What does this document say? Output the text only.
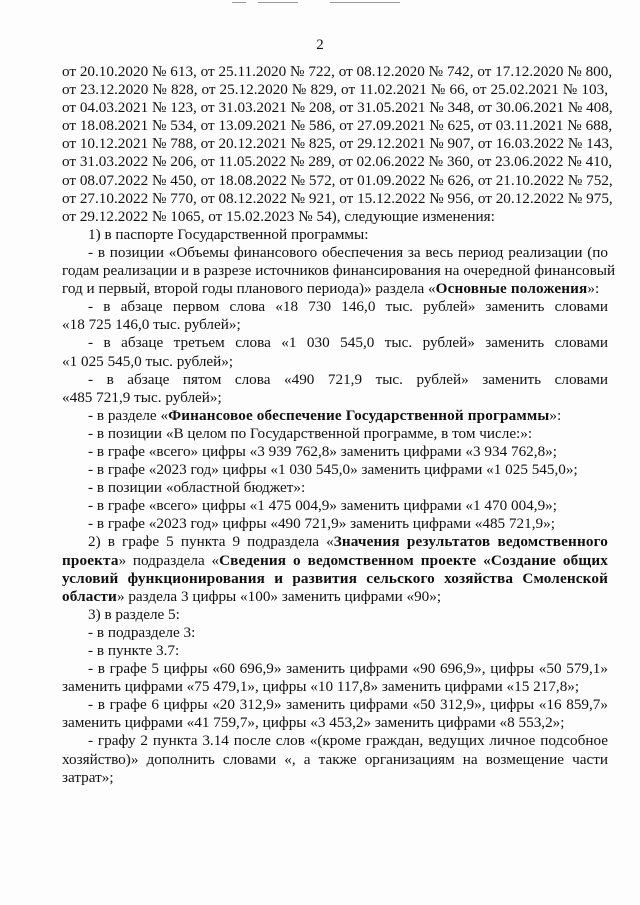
2
от 20.10.2020 № 613, от 25.11.2020 № 722, от 08.12.2020 № 742, от 17.12.2020 № 800,
от 23.12.2020 № 828, от 25.12.2020 № 829, от 11.02.2021 № 66, от 25.02.2021 № 103,
от 04.03.2021 № 123, от 31.03.2021 № 208, от 31.05.2021 № 348, от 30.06.2021 № 408,
от 18.08.2021 № 534, от 13.09.2021 № 586, от 27.09.2021 № 625, от 03.11.2021 № 688,
от 10.12.2021 № 788, от 20.12.2021 № 825, от 29.12.2021 № 907, от 16.03.2022 № 143,
от 31.03.2022 № 206, от 11.05.2022 № 289, от 02.06.2022 № 360, от 23.06.2022 № 410,
от 08.07.2022 № 450, от 18.08.2022 № 572, от 01.09.2022 № 626, от 21.10.2022 № 752,
от 27.10.2022 № 770, от 08.12.2022 № 921, от 15.12.2022 № 956, от 20.12.2022 № 975,
от 29.12.2022 № 1065, от 15.02.2023 № 54), следующие изменения:
1) в паспорте Государственной программы:
- в позиции «Объемы финансового обеспечения за весь период реализации (по
годам реализации и в разрезе источников финансирования на очередной финансовый
год и первый, второй годы планового периода)» раздела «Основные положения»:
- в абзаце первом слова «18 730 146,0 тыс. рублей» заменить словами
«18 725 146,0 тыс. рублей»;
- в абзаце третьем слова «1 030 545,0 тыс. рублей» заменить словами
«1 025 545,0 тыс. рублей»;
- в абзаце пятом слова «490 721,9 тыс. рублей» заменить словами
«485 721,9 тыс. рублей»;
- в разделе «Финансовое обеспечение Государственной программы»:
- в позиции «В целом по Государственной программе, в том числе:»:
- в графе «всего» цифры «3 939 762,8» заменить цифрами «3 934 762,8»;
- в графе «2023 год» цифры «1 030 545,0» заменить цифрами «1 025 545,0»;
- в позиции «областной бюджет»:
- в графе «всего» цифры «1 475 004,9» заменить цифрами «1 470 004,9»;
- в графе «2023 год» цифры «490 721,9» заменить цифрами «485 721,9»;
2) в графе 5 пункта 9 подраздела «Значения результатов ведомственного
проекта» подраздела «Сведения о ведомственном проекте «Создание общих
условий функционирования и развития сельского хозяйства Смоленской
области» раздела 3 цифры «100» заменить цифрами «90»;
3) в разделе 5:
- в подразделе 3:
- в пункте 3.7:
- в графе 5 цифры «60 696,9» заменить цифрами «90 696,9», цифры «50 579,1»
заменить цифрами «75 479,1», цифры «10 117,8» заменить цифрами «15 217,8»;
- в графе 6 цифры «20 312,9» заменить цифрами «50 312,9», цифры «16 859,7»
заменить цифрами «41 759,7», цифры «3 453,2» заменить цифрами «8 553,2»;
- графу 2 пункта 3.14 после слов «(кроме граждан, ведущих личное подсобное
хозяйство)» дополнить словами «, а также организациям на возмещение части
затрат»;
